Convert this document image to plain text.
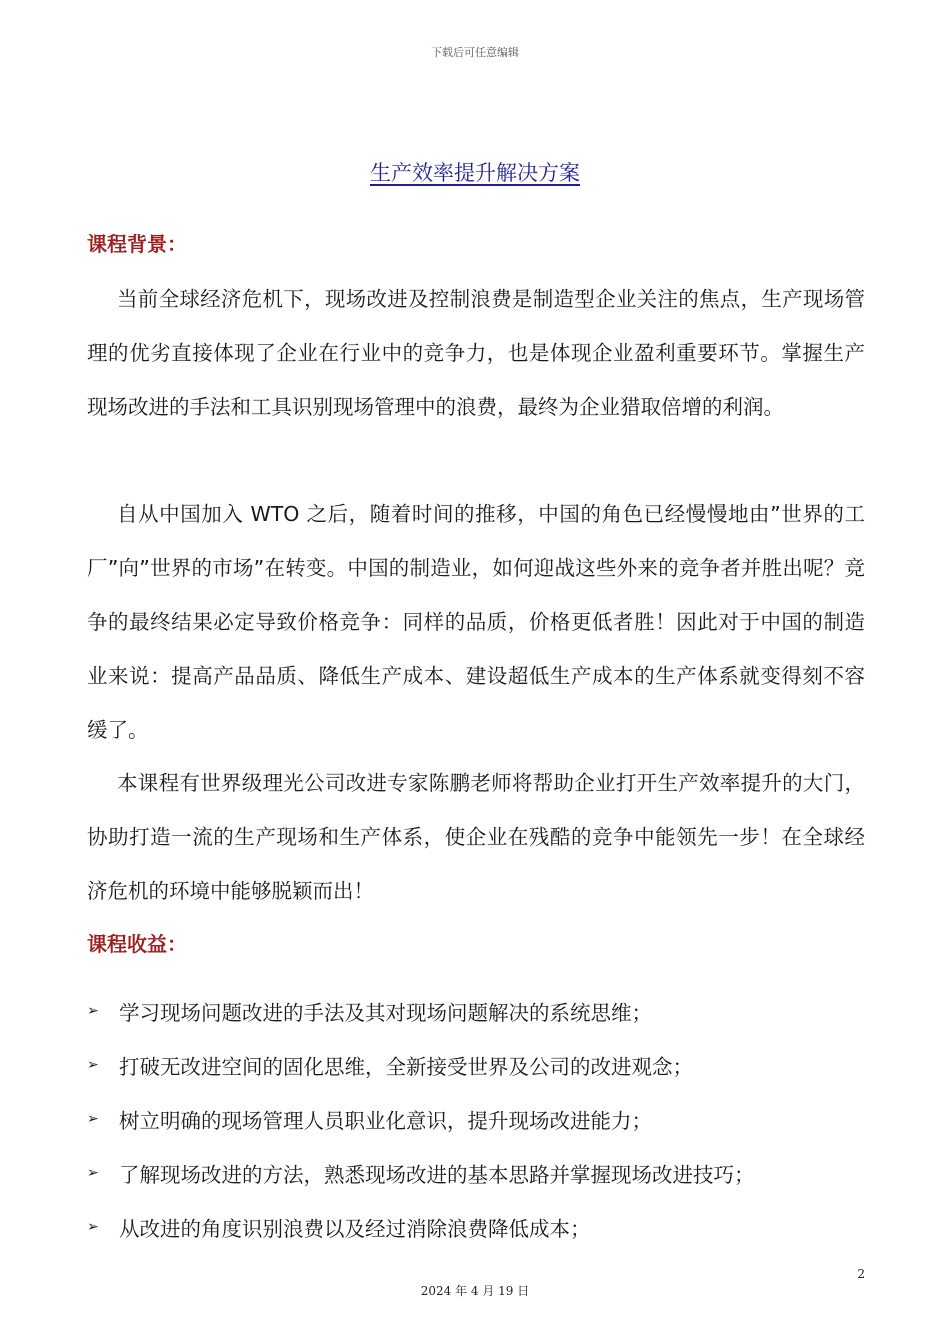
下载后可任意编辑
生产效率提升解决方案
课程背景：

当前全球经济危机下，现场改进及控制浪费是制造型企业关注的焦点，生产现场管理的优劣直接体现了企业在行业中的竞争力，也是体现企业盈利重要环节。掌握生产现场改进的手法和工具识别现场管理中的浪费，最终为企业猎取倍增的利润。

自从中国加入 WTO 之后，随着时间的推移，中国的角色已经慢慢地由”世界的工厂”向”世界的市场”在转变。中国的制造业，如何迎战这些外来的竞争者并胜出呢？竞争的最终结果必定导致价格竞争：同样的品质，价格更低者胜！因此对于中国的制造业来说：提高产品品质、降低生产成本、建设超低生产成本的生产体系就变得刻不容缓了。

本课程有世界级理光公司改进专家陈鹏老师将帮助企业打开生产效率提升的大门，协助打造一流的生产现场和生产体系，使企业在残酷的竞争中能领先一步！在全球经济危机的环境中能够脱颖而出！

课程收益：
➢ 学习现场问题改进的手法及其对现场问题解决的系统思维；
➢ 打破无改进空间的固化思维，全新接受世界及公司的改进观念；
➢ 树立明确的现场管理人员职业化意识，提升现场改进能力；
➢ 了解现场改进的方法，熟悉现场改进的基本思路并掌握现场改进技巧；
➢ 从改进的角度识别浪费以及经过消除浪费降低成本；
2
2024 年 4 月 19 日
